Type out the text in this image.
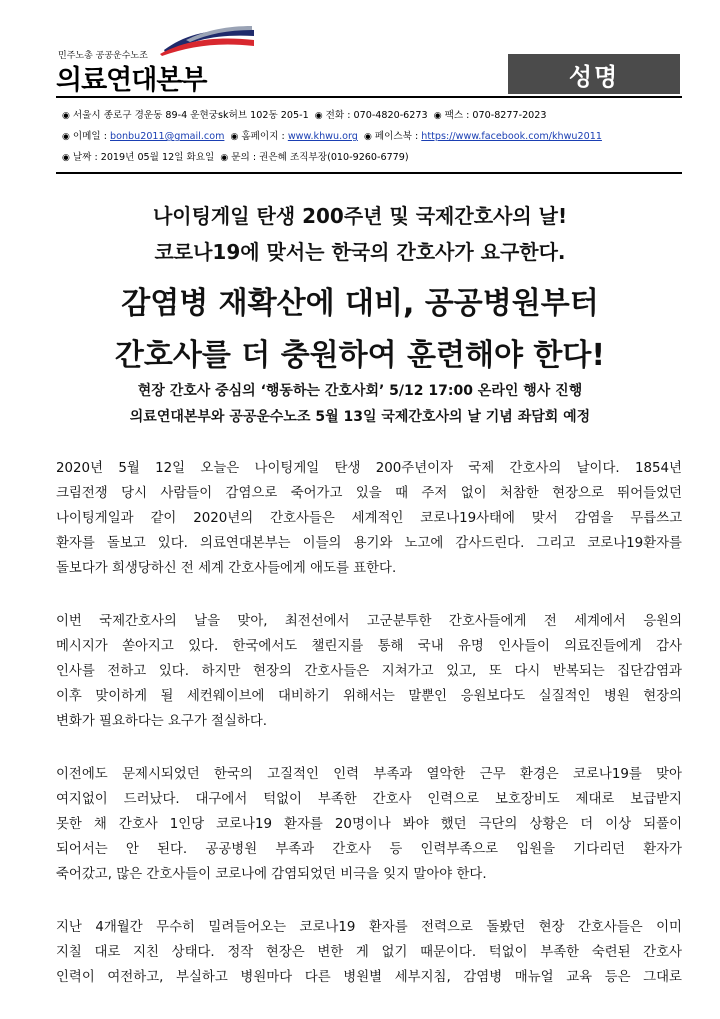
민주노총 공공운수노조
의료연대본부	성명
◉ 서울시 종로구 경운동 89-4 운현궁sk허브 102동 205-1 ◉ 전화 : 070-4820-6273 ◉ 팩스 : 070-8277-2023
◉ 이메일 : bonbu2011@gmail.com ◉ 홈페이지 : www.khwu.org ◉ 페이스북 : https://www.facebook.com/khwu2011
◉ 날짜 : 2019년 05월 12일 화요일 ◉ 문의 : 권은혜 조직부장(010-9260-6779)
나이팅게일 탄생 200주년 및 국제간호사의 날!
코로나19에 맞서는 한국의 간호사가 요구한다.
감염병 재확산에 대비, 공공병원부터
간호사를 더 충원하여 훈련해야 한다!
현장 간호사 중심의 ‘행동하는 간호사회’ 5/12 17:00 온라인 행사 진행
의료연대본부와 공공운수노조 5월 13일 국제간호사의 날 기념 좌담회 예정
2020년 5월 12일 오늘은 나이팅게일 탄생 200주년이자 국제 간호사의 날이다. 1854년
크림전쟁 당시 사람들이 감염으로 죽어가고 있을 때 주저 없이 처참한 현장으로 뛰어들었던
나이팅게일과 같이 2020년의 간호사들은 세계적인 코로나19사태에 맞서 감염을 무릅쓰고
환자를 돌보고 있다. 의료연대본부는 이들의 용기와 노고에 감사드린다. 그리고 코로나19환자를
돌보다가 희생당하신 전 세계 간호사들에게 애도를 표한다.
이번 국제간호사의 날을 맞아, 최전선에서 고군분투한 간호사들에게 전 세계에서 응원의
메시지가 쏟아지고 있다. 한국에서도 챌린지를 통해 국내 유명 인사들이 의료진들에게 감사
인사를 전하고 있다. 하지만 현장의 간호사들은 지쳐가고 있고, 또 다시 반복되는 집단감염과
이후 맞이하게 될 세컨웨이브에 대비하기 위해서는 말뿐인 응원보다도 실질적인 병원 현장의
변화가 필요하다는 요구가 절실하다.
이전에도 문제시되었던 한국의 고질적인 인력 부족과 열악한 근무 환경은 코로나19를 맞아
여지없이 드러났다. 대구에서 턱없이 부족한 간호사 인력으로 보호장비도 제대로 보급받지
못한 채 간호사 1인당 코로나19 환자를 20명이나 봐야 했던 극단의 상황은 더 이상 되풀이
되어서는 안 된다. 공공병원 부족과 간호사 등 인력부족으로 입원을 기다리던 환자가
죽어갔고, 많은 간호사들이 코로나에 감염되었던 비극을 잊지 말아야 한다.
지난 4개월간 무수히 밀려들어오는 코로나19 환자를 전력으로 돌봤던 현장 간호사들은 이미
지칠 대로 지친 상태다. 정작 현장은 변한 게 없기 때문이다. 턱없이 부족한 숙련된 간호사
인력이 여전하고, 부실하고 병원마다 다른 병원별 세부지침, 감염병 매뉴얼 교육 등은 그대로
